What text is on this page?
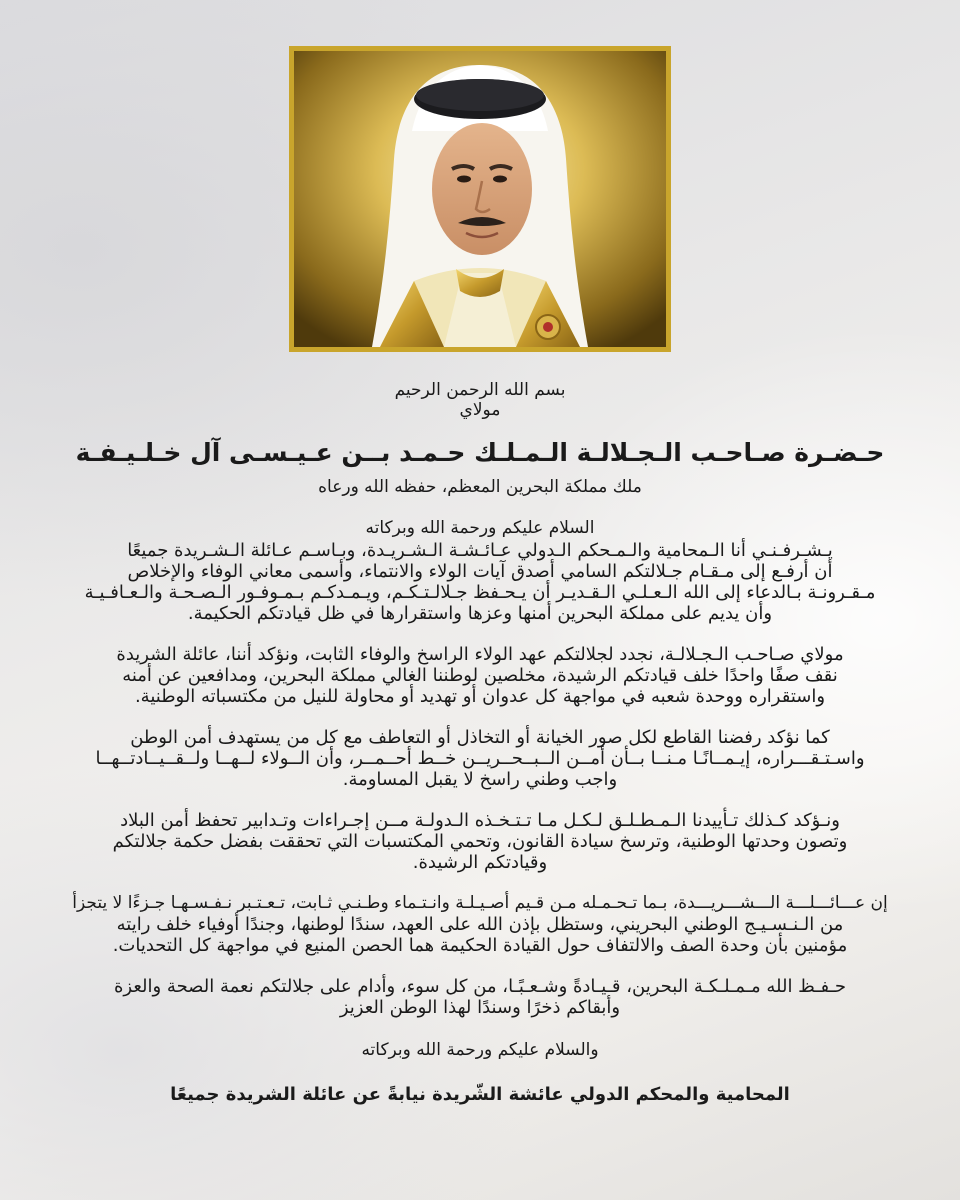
بسم الله الرحمن الرحيم
مولاي
حـضـرة صـاحـب الـجـلالـة الـمـلـك حـمـد بــن عـيـسـى آل خـلـيـفـة
ملك مملكة البحرين المعظم، حفظه الله ورعاه
السلام عليكم ورحمة الله وبركاته
يـشـرفـنـي أنا الـمحامية والـمـحكم الـدولي عـائـشـة الـشـريـدة، وبـاسـم عـائلة الـشـريدة جميعًا
أن أرفـع إلى مـقـام جـلالتكم السامي أصدق آيات الولاء والانتماء، وأسمى معاني الوفاء والإخلاص
مـقـرونـة بـالدعاء إلى الله الـعـلـي الـقـديـر أن يـحـفظ جـلالـتـكـم، ويـمـدكـم بـمـوفـور الـصـحـة والـعـافـيـة
وأن يديم على مملكة البحرين أمنها وعزها واستقرارها في ظل قيادتكم الحكيمة.
مولاي صـاحـب الـجـلالـة، نجدد لجلالتكم عهد الولاء الراسخ والوفاء الثابت، ونؤكد أننا، عائلة الشريدة
نقف صفًا واحدًا خلف قيادتكم الرشيدة، مخلصين لوطننا الغالي مملكة البحرين، ومدافعين عن أمنه
واستقراره ووحدة شعبه في مواجهة كل عدوان أو تهديد أو محاولة للنيل من مكتسباته الوطنية.
كما نؤكد رفضنا القاطع لكل صور الخيانة أو التخاذل أو التعاطف مع كل من يستهدف أمن الوطن
واسـتـقـــراره، إيـمــانًـا مـنــا بــأن أمــن الــبــحــريــن خــط أحــمــر، وأن الــولاء لــهــا ولــقــيــادتــهــا
واجب وطني راسخ لا يقبل المساومة.
ونـؤكد كـذلك تـأييدنا الـمـطـلـق لـكـل مـا تـتـخـذه الـدولـة مــن إجـراءات وتـدابير تحفظ أمن البلاد
وتصون وحدتها الوطنية، وترسخ سيادة القانون، وتحمي المكتسبات التي تحققت بفضل حكمة جلالتكم
وقيادتكم الرشيدة.
إن عـــائـــلـــة الـــشـــريـــدة، بـما تـحـمـله مـن قـيم أصـيـلـة وانـتـماء وطـنـي ثـابت، تـعـتـبر نـفـسـهـا جـزءًا لا يتجزأ
من الـنـسـيـج الوطني البحريني، وستظل بإذن الله على العهد، سندًا لوطنها، وجندًا أوفياء خلف رايته
مؤمنين بأن وحدة الصف والالتفاف حول القيادة الحكيمة هما الحصن المنيع في مواجهة كل التحديات.
حـفـظ الله مـمـلـكـة البحرين، قـيـادةً وشـعـبًـا، من كل سوء، وأدام على جلالتكم نعمة الصحة والعزة
وأبقاكم ذخرًا وسندًا لهذا الوطن العزيز
والسلام عليكم ورحمة الله وبركاته
المحامية والمحكم الدولي عائشة الشّريدة نيابةً عن عائلة الشريدة جميعًا
